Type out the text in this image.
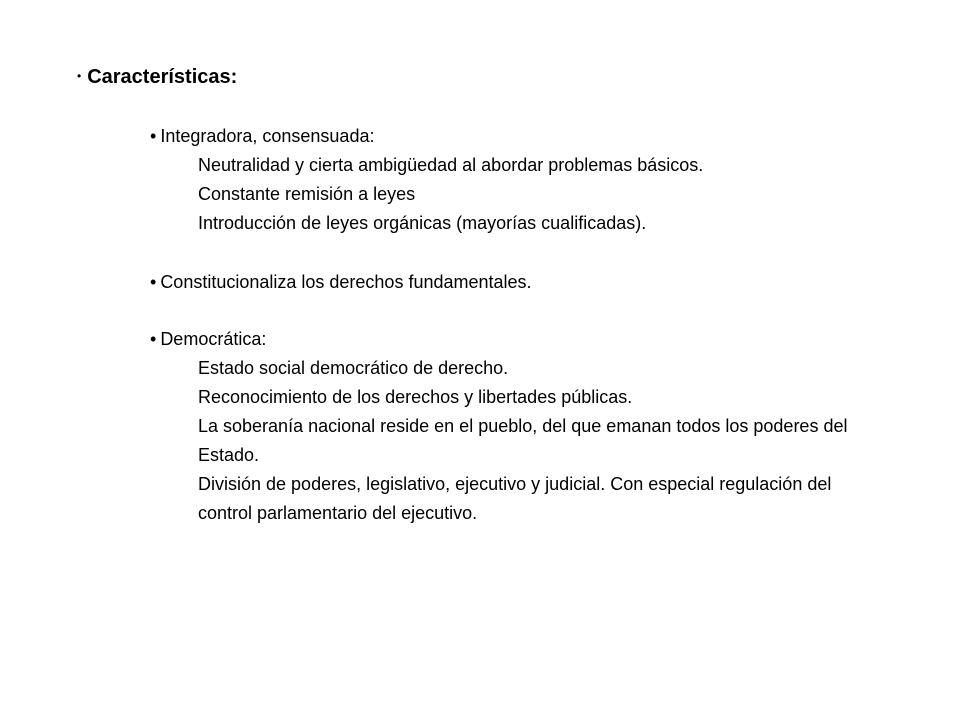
• Características:
• Integradora, consensuada:
Neutralidad y cierta ambigüedad al abordar problemas básicos.
Constante remisión a leyes
Introducción de leyes orgánicas (mayorías cualificadas).
• Constitucionaliza los derechos fundamentales.
• Democrática:
Estado social democrático de derecho.
Reconocimiento de los derechos y libertades públicas.
La soberanía nacional reside en el pueblo, del que emanan todos los poderes del Estado.
División de poderes, legislativo, ejecutivo y judicial. Con especial regulación del control parlamentario del ejecutivo.
